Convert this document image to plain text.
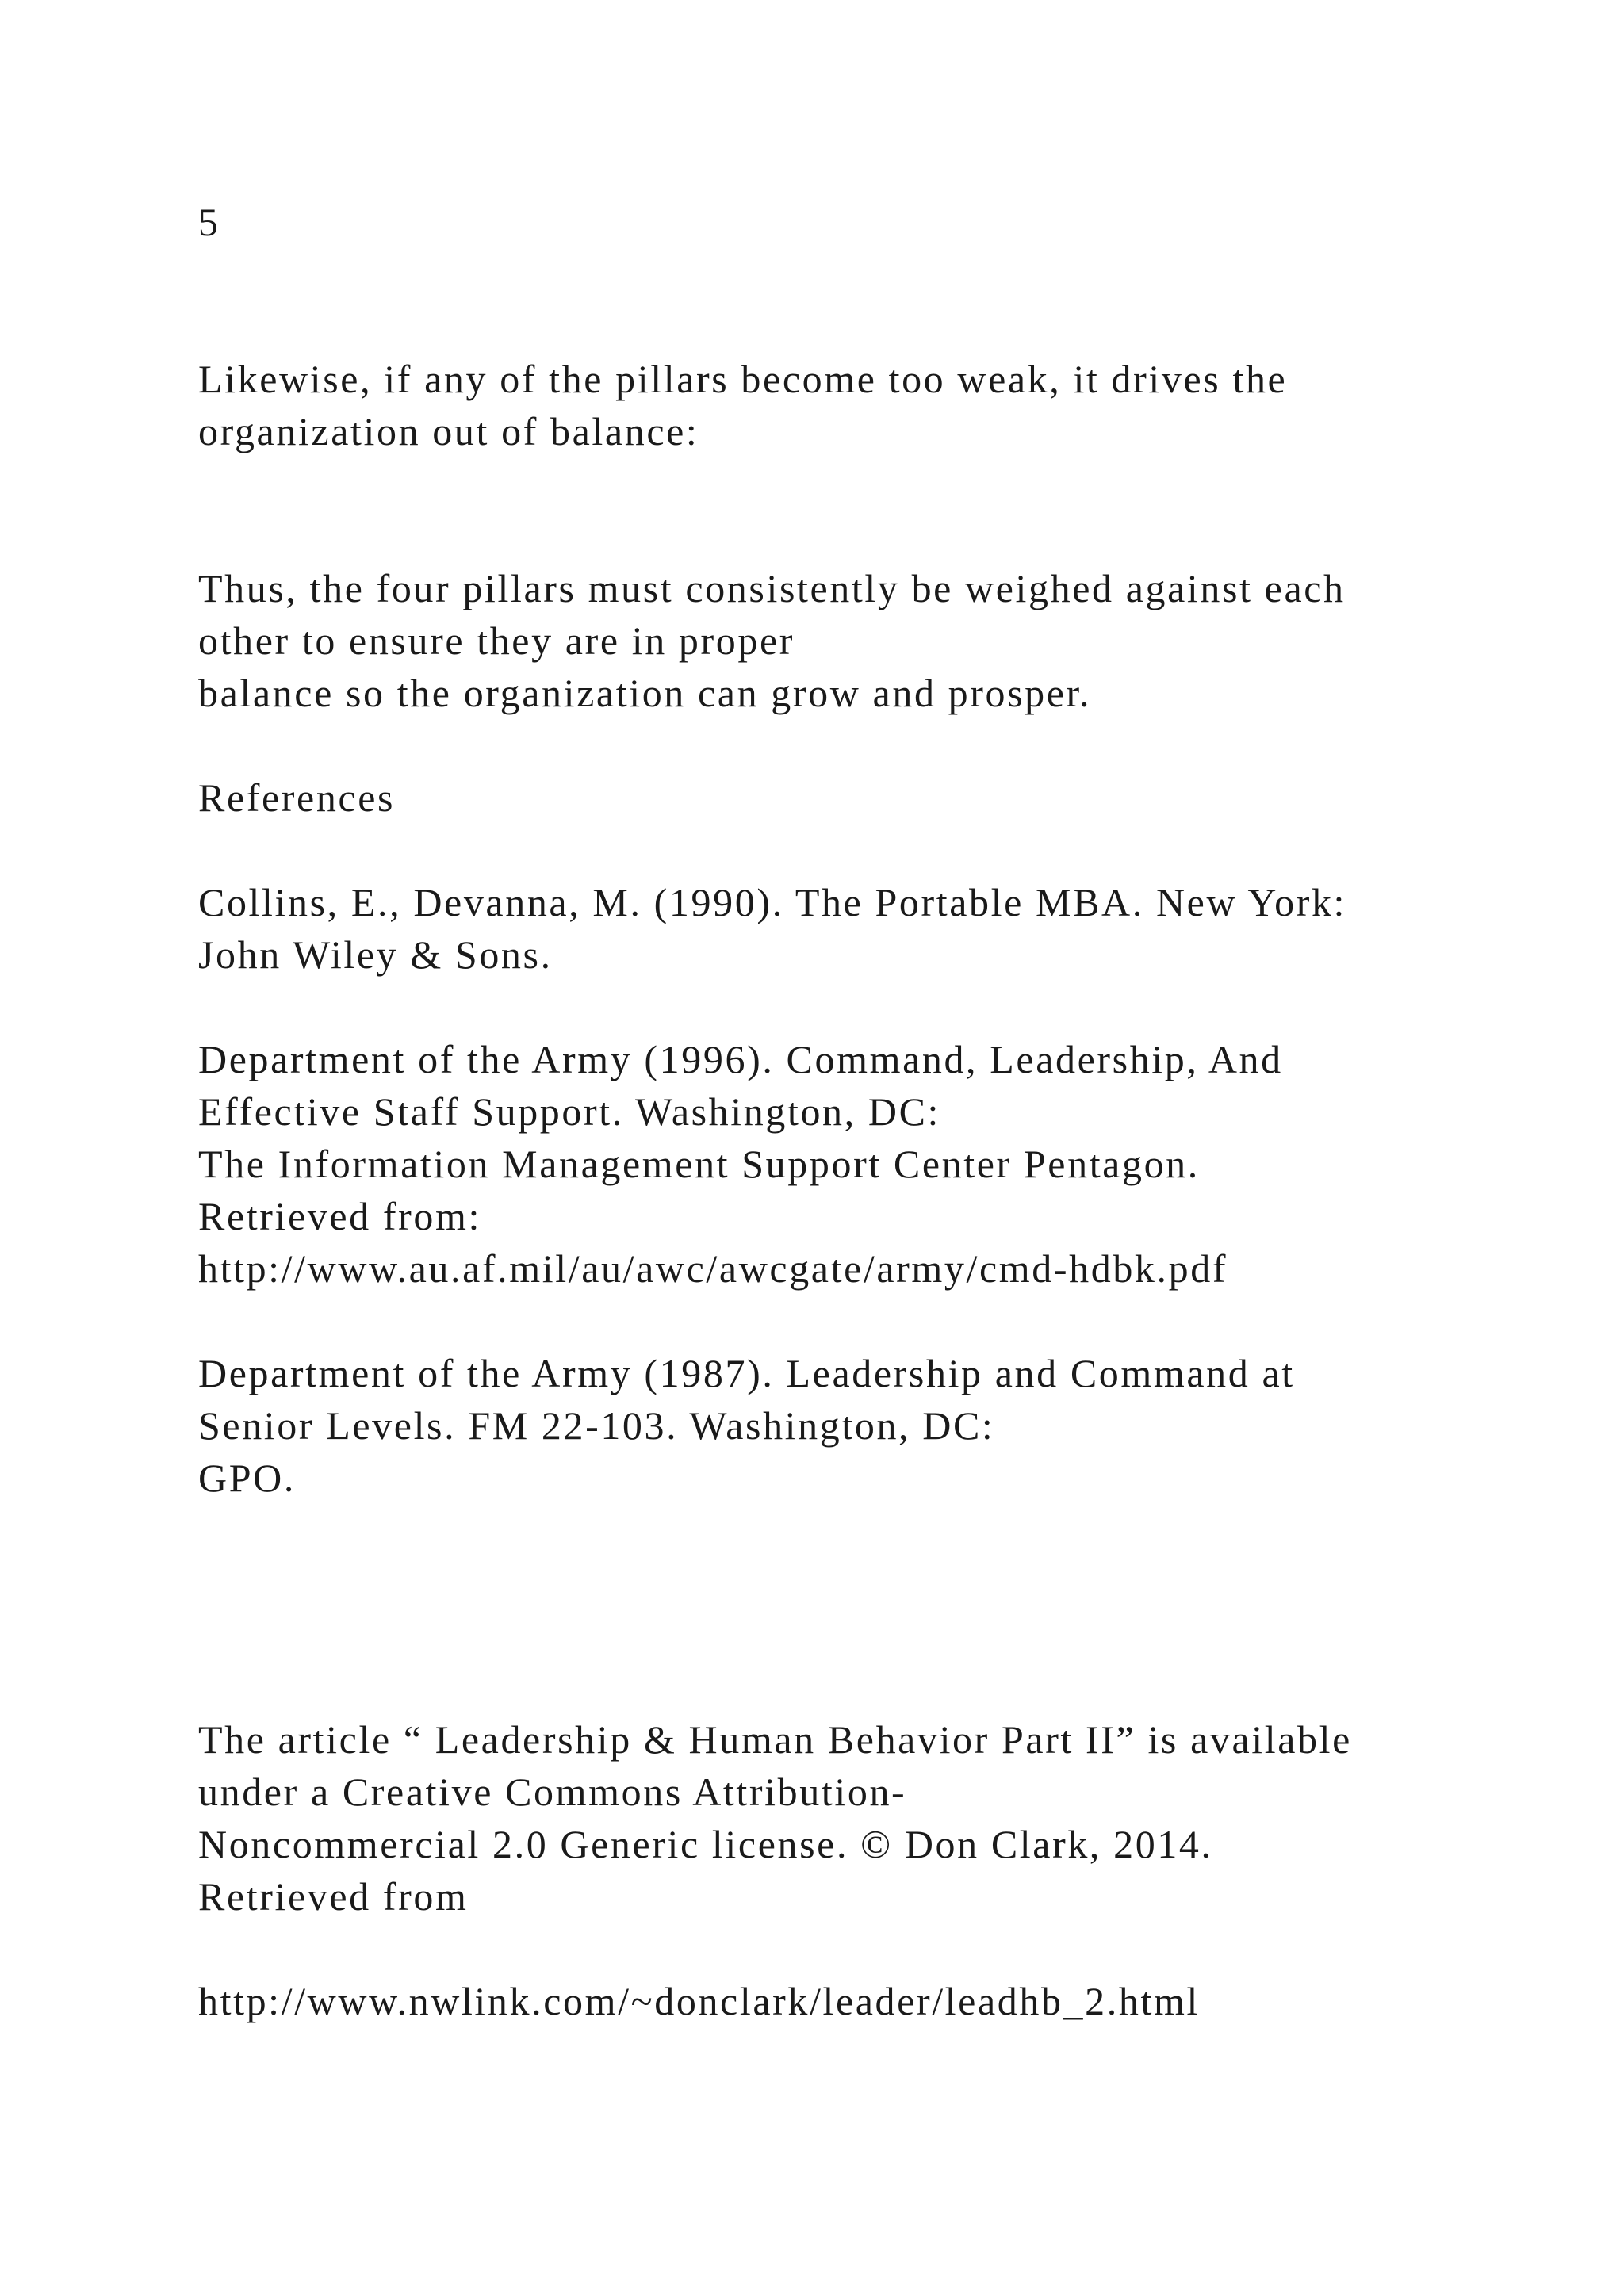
5
Likewise, if any of the pillars become too weak, it drives the
organization out of balance:
Thus, the four pillars must consistently be weighed against each
other to ensure they are in proper
balance so the organization can grow and prosper.
References
Collins, E., Devanna, M. (1990). The Portable MBA. New York:
John Wiley & Sons.
Department of the Army (1996). Command, Leadership, And
Effective Staff Support. Washington, DC:
The Information Management Support Center Pentagon.
Retrieved from:
http://www.au.af.mil/au/awc/awcgate/army/cmd-hdbk.pdf
Department of the Army (1987). Leadership and Command at
Senior Levels. FM 22-103. Washington, DC:
GPO.
The article “ Leadership & Human Behavior Part II” is available
under a Creative Commons Attribution-
Noncommercial 2.0 Generic license. © Don Clark, 2014.
Retrieved from
http://www.nwlink.com/~donclark/leader/leadhb_2.html
